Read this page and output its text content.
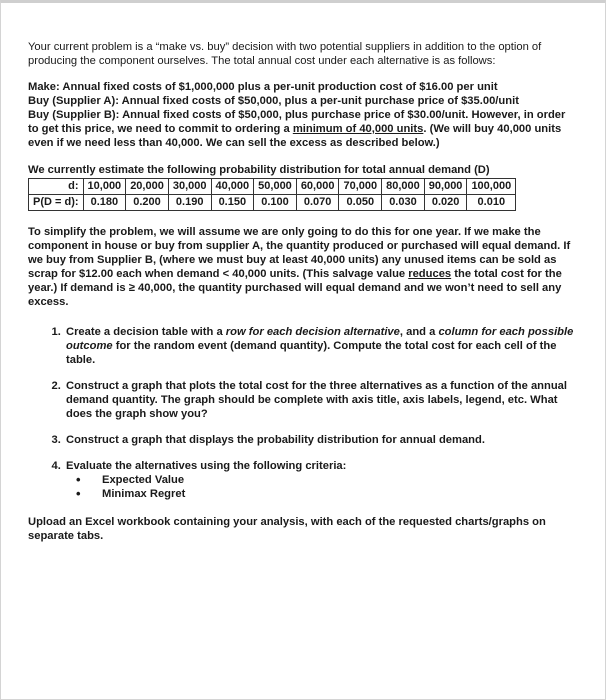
Your current problem is a “make vs. buy” decision with two potential suppliers in addition to the option of producing the component ourselves. The total annual cost under each alternative is as follows:

Make: Annual fixed costs of $1,000,000 plus a per-unit production cost of $16.00 per unit
Buy (Supplier A): Annual fixed costs of $50,000, plus a per-unit purchase price of $35.00/unit
Buy (Supplier B): Annual fixed costs of $50,000, plus purchase price of $30.00/unit. However, in order to get this price, we need to commit to ordering a minimum of 40,000 units. (We will buy 40,000 units even if we need less than 40,000. We can sell the excess as described below.)

We currently estimate the following probability distribution for total annual demand (D)

d:	10,000	20,000	30,000	40,000	50,000	60,000	70,000	80,000	90,000	100,000
P(D = d):	0.180	0.200	0.190	0.150	0.100	0.070	0.050	0.030	0.020	0.010

To simplify the problem, we will assume we are only going to do this for one year. If we make the component in house or buy from supplier A, the quantity produced or purchased will equal demand. If we buy from Supplier B, (where we must buy at least 40,000 units) any unused items can be sold as scrap for $12.00 each when demand < 40,000 units. (This salvage value reduces the total cost for the year.) If demand is ≥ 40,000, the quantity purchased will equal demand and we won’t need to sell any excess.

1. Create a decision table with a row for each decision alternative, and a column for each possible outcome for the random event (demand quantity). Compute the total cost for each cell of the table.
2. Construct a graph that plots the total cost for the three alternatives as a function of the annual demand quantity. The graph should be complete with axis title, axis labels, legend, etc. What does the graph show you?
3. Construct a graph that displays the probability distribution for annual demand.
4. Evaluate the alternatives using the following criteria:
•	Expected Value
•	Minimax Regret

Upload an Excel workbook containing your analysis, with each of the requested charts/graphs on separate tabs.
